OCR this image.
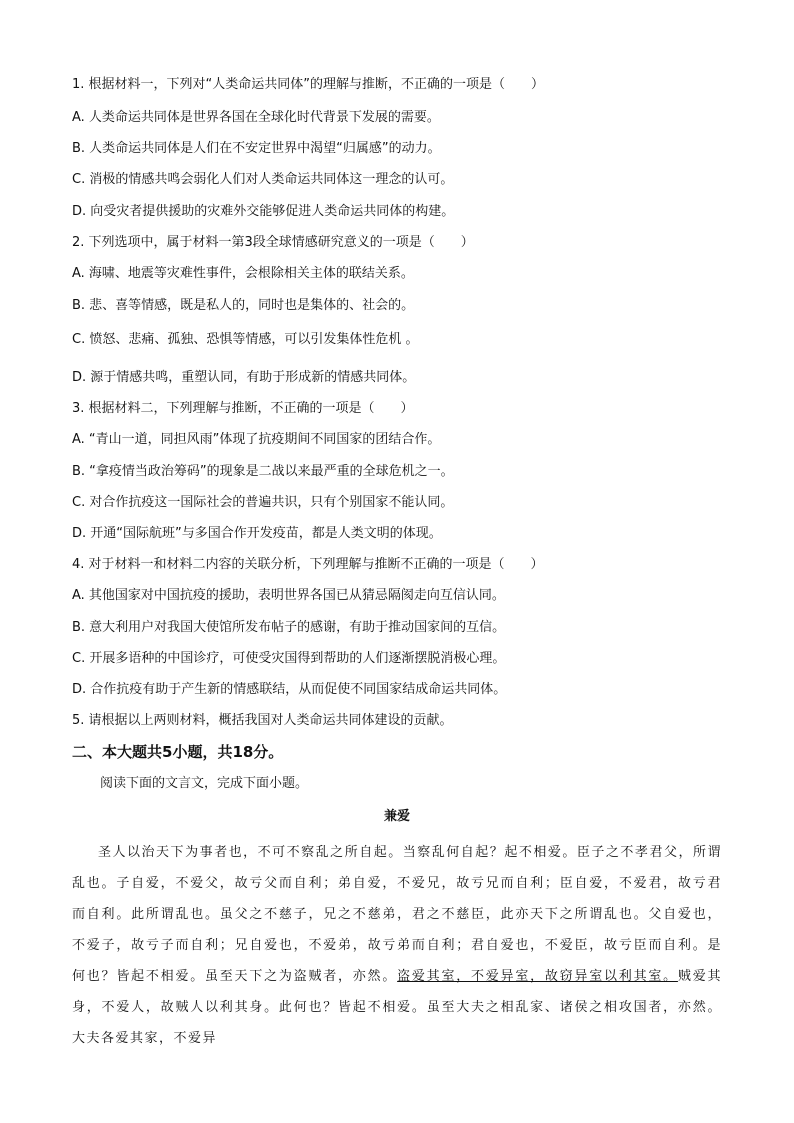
1. 根据材料一，下列对“人类命运共同体”的理解与推断，不正确的一项是（　　）
A. 人类命运共同体是世界各国在全球化时代背景下发展的需要。
B. 人类命运共同体是人们在不安定世界中渴望“归属感”的动力。
C. 消极的情感共鸣会弱化人们对人类命运共同体这一理念的认可。
D. 向受灾者提供援助的灾难外交能够促进人类命运共同体的构建。
2. 下列选项中，属于材料一第3段全球情感研究意义的一项是（　　）
A. 海啸、地震等灾难性事件，会根除相关主体的联结关系。
B. 悲、喜等情感，既是私人的，同时也是集体的、社会的。
C. 愤怒、悲痛、孤独、恐惧等情感，可以引发集体性危机 。
D. 源于情感共鸣，重塑认同，有助于形成新的情感共同体。
3. 根据材料二，下列理解与推断，不正确的一项是（　　）
A. “青山一道，同担风雨”体现了抗疫期间不同国家的团结合作。
B. “拿疫情当政治筹码”的现象是二战以来最严重的全球危机之一。
C. 对合作抗疫这一国际社会的普遍共识，只有个别国家不能认同。
D. 开通“国际航班”与多国合作开发疫苗，都是人类文明的体现。
4. 对于材料一和材料二内容的关联分析，下列理解与推断不正确的一项是（　　）
A. 其他国家对中国抗疫的援助，表明世界各国已从猜忌隔阂走向互信认同。
B. 意大利用户对我国大使馆所发布帖子的感谢，有助于推动国家间的互信。
C. 开展多语种的中国诊疗，可使受灾国得到帮助的人们逐渐摆脱消极心理。
D. 合作抗疫有助于产生新的情感联结，从而促使不同国家结成命运共同体。
5. 请根据以上两则材料，概括我国对人类命运共同体建设的贡献。
二、本大题共5小题，共18分。
阅读下面的文言文，完成下面小题。
兼爱

圣人以治天下为事者也，不可不察乱之所自起。当察乱何自起？起不相爱。臣子之不孝君父，所谓乱也。子自爱，不爱父，故亏父而自利；弟自爱，不爱兄，故亏兄而自利；臣自爱，不爱君，故亏君而自利。此所谓乱也。虽父之不慈子，兄之不慈弟，君之不慈臣，此亦天下之所谓乱也。父自爱也，不爱子，故亏子而自利；兄自爱也，不爱弟，故亏弟而自利；君自爱也，不爱臣，故亏臣而自利。是何也？皆起不相爱。虽至天下之为盗贼者，亦然。盗爱其室，不爱异室，故窃异室以利其室。贼爱其身，不爱人，故贼人以利其身。此何也？皆起不相爱。虽至大夫之相乱家、诸侯之相攻国者，亦然。大夫各爱其家，不爱异
